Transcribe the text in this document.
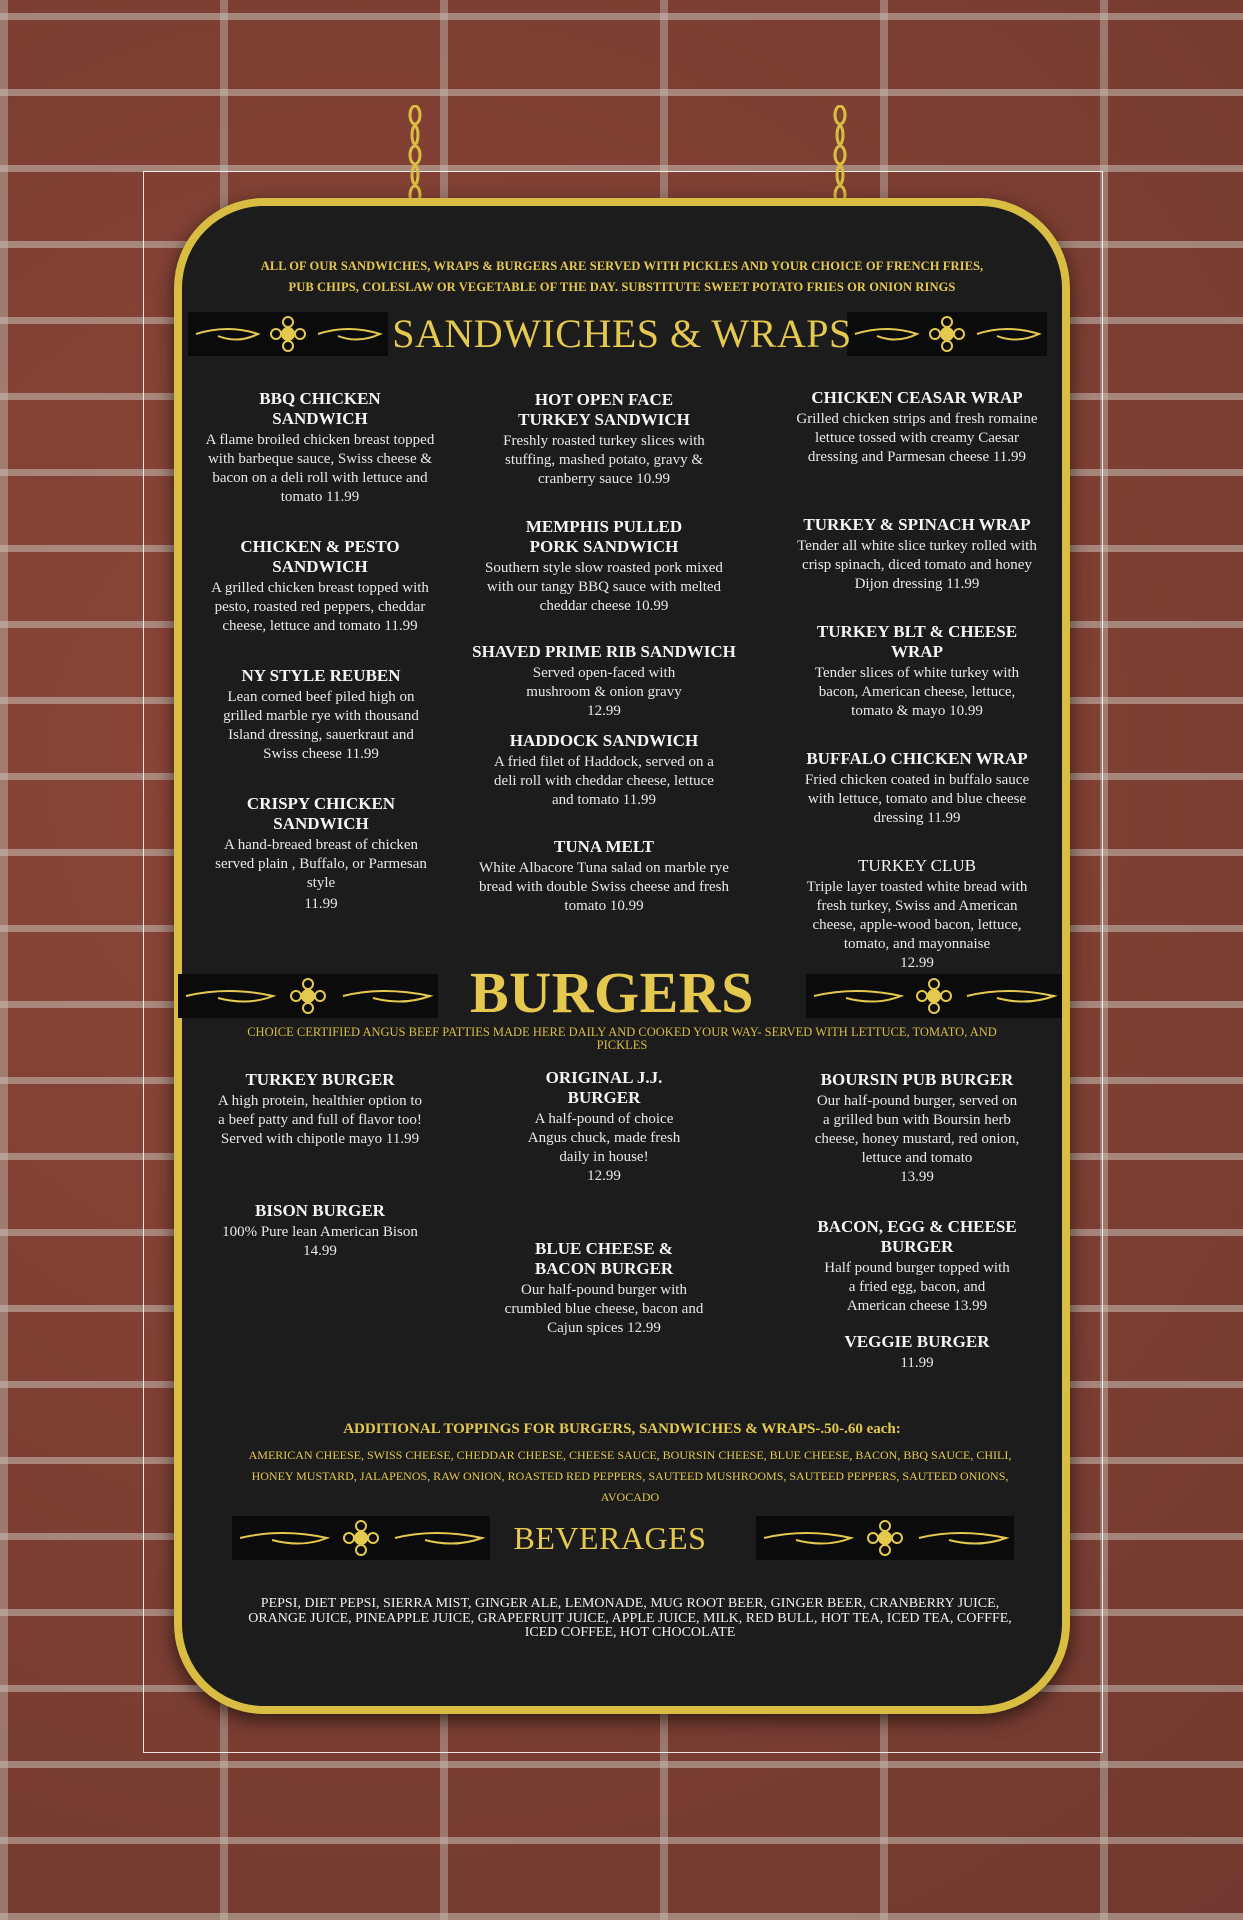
ALL OF OUR SANDWICHES, WRAPS & BURGERS ARE SERVED WITH PICKLES AND YOUR CHOICE OF FRENCH FRIES,
PUB CHIPS, COLESLAW OR VEGETABLE OF THE DAY. SUBSTITUTE SWEET POTATO FRIES OR ONION RINGS
SANDWICHES & WRAPS
BBQ CHICKEN SANDWICH
A flame broiled chicken breast topped with barbeque sauce, Swiss cheese & bacon on a deli roll with lettuce and tomato 11.99
CHICKEN & PESTO SANDWICH
A grilled chicken breast topped with pesto, roasted red peppers, cheddar cheese, lettuce and tomato 11.99
NY STYLE REUBEN
Lean corned beef piled high on grilled marble rye with thousand Island dressing, sauerkraut and Swiss cheese 11.99
CRISPY CHICKEN SANDWICH
A hand-breaed breast of chicken served plain , Buffalo, or Parmesan style
11.99
HOT OPEN FACE TURKEY SANDWICH
Freshly roasted turkey slices with stuffing, mashed potato, gravy & cranberry sauce 10.99
MEMPHIS PULLED PORK SANDWICH
Southern style slow roasted pork mixed with our tangy BBQ sauce with melted cheddar cheese 10.99
SHAVED PRIME RIB SANDWICH
Served open-faced with mushroom & onion gravy 12.99
HADDOCK SANDWICH
A fried filet of Haddock, served on a deli roll with cheddar cheese, lettuce and tomato 11.99
TUNA MELT
White Albacore Tuna salad on marble rye bread with double Swiss cheese and fresh tomato 10.99
CHICKEN CEASAR WRAP
Grilled chicken strips and fresh romaine lettuce tossed with creamy Caesar dressing and Parmesan cheese 11.99
TURKEY & SPINACH WRAP
Tender all white slice turkey rolled with crisp spinach, diced tomato and honey Dijon dressing 11.99
TURKEY BLT & CHEESE WRAP
Tender slices of white turkey with bacon, American cheese, lettuce, tomato & mayo 10.99
BUFFALO CHICKEN WRAP
Fried chicken coated in buffalo sauce with lettuce, tomato and blue cheese dressing 11.99
TURKEY CLUB
Triple layer toasted white bread with fresh turkey, Swiss and American cheese, apple-wood bacon, lettuce, tomato, and mayonnaise
12.99
BURGERS
CHOICE CERTIFIED ANGUS BEEF PATTIES MADE HERE DAILY AND COOKED YOUR WAY- SERVED WITH LETTUCE, TOMATO, AND PICKLES
TURKEY BURGER
A high protein, healthier option to a beef patty and full of flavor too! Served with chipotle mayo 11.99
BISON BURGER
100% Pure lean American Bison
14.99
ORIGINAL J.J. BURGER
A half-pound of choice Angus chuck, made fresh daily in house!
12.99
BLUE CHEESE & BACON BURGER
Our half-pound burger with crumbled blue cheese, bacon and Cajun spices 12.99
BOURSIN PUB BURGER
Our half-pound burger, served on a grilled bun with Boursin herb cheese, honey mustard, red onion, lettuce and tomato
13.99
BACON, EGG & CHEESE BURGER
Half pound burger topped with a fried egg, bacon, and American cheese 13.99
VEGGIE BURGER
11.99
ADDITIONAL TOPPINGS FOR BURGERS, SANDWICHES & WRAPS-.50-.60 each:
AMERICAN CHEESE, SWISS CHEESE, CHEDDAR CHEESE, CHEESE SAUCE, BOURSIN CHEESE, BLUE CHEESE, BACON, BBQ SAUCE, CHILI, HONEY MUSTARD, JALAPENOS, RAW ONION, ROASTED RED PEPPERS, SAUTEED MUSHROOMS, SAUTEED PEPPERS, SAUTEED ONIONS, AVOCADO
BEVERAGES
PEPSI, DIET PEPSI, SIERRA MIST, GINGER ALE, LEMONADE, MUG ROOT BEER, GINGER BEER, CRANBERRY JUICE, ORANGE JUICE, PINEAPPLE JUICE, GRAPEFRUIT JUICE, APPLE JUICE, MILK, RED BULL, HOT TEA, ICED TEA, COFFFE, ICED COFFEE, HOT CHOCOLATE
